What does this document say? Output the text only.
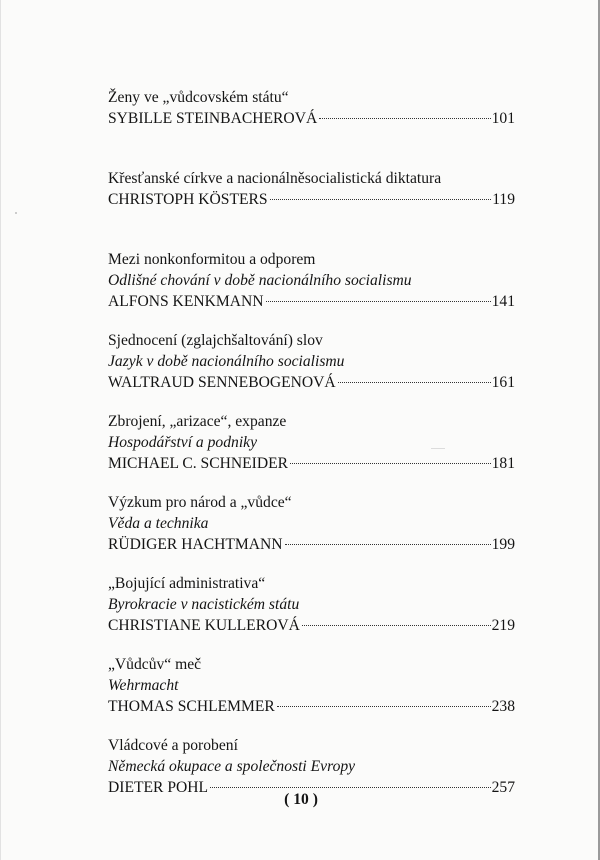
Ženy ve „vůdcovském státu“
SYBILLE STEINBACHEROVÁ	101
Křesťanské církve a nacionálněsocialistická diktatura
CHRISTOPH KÖSTERS	119
Mezi nonkonformitou a odporem
Odlišné chování v době nacionálního socialismu
ALFONS KENKMANN	141
Sjednocení (zglajchšaltování) slov
Jazyk v době nacionálního socialismu
WALTRAUD SENNEBOGENOVÁ	161
Zbrojení, „arizace“, expanze
Hospodářství a podniky
MICHAEL C. SCHNEIDER	181
Výzkum pro národ a „vůdce“
Věda a technika
RÜDIGER HACHTMANN	199
„Bojující administrativa“
Byrokracie v nacistickém státu
CHRISTIANE KULLEROVÁ	219
„Vůdcův“ meč
Wehrmacht
THOMAS SCHLEMMER	238
Vládcové a porobení
Německá okupace a společnosti Evropy
DIETER POHL	257
( 10 )
